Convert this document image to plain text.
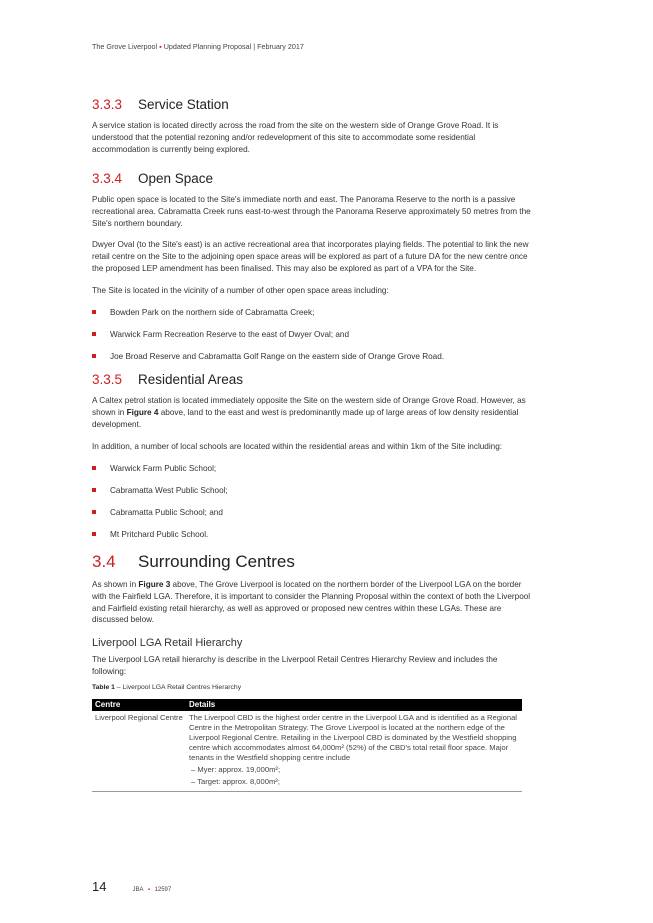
The Grove Liverpool ▪ Updated Planning Proposal | February 2017
3.3.3 Service Station

A service station is located directly across the road from the site on the western side of Orange Grove Road. It is understood that the potential rezoning and/or redevelopment of this site to accommodate some residential accommodation is currently being explored.

3.3.4 Open Space

Public open space is located to the Site's immediate north and east. The Panorama Reserve to the north is a passive recreational area. Cabramatta Creek runs east-to-west through the Panorama Reserve approximately 50 metres from the Site's northern boundary.

Dwyer Oval (to the Site's east) is an active recreational area that incorporates playing fields. The potential to link the new retail centre on the Site to the adjoining open space areas will be explored as part of a future DA for the new centre once the proposed LEP amendment has been finalised. This may also be explored as part of a VPA for the Site.

The Site is located in the vicinity of a number of other open space areas including:

Bowden Park on the northern side of Cabramatta Creek;
Warwick Farm Recreation Reserve to the east of Dwyer Oval; and
Joe Broad Reserve and Cabramatta Golf Range on the eastern side of Orange Grove Road.
3.3.5 Residential Areas

A Caltex petrol station is located immediately opposite the Site on the western side of Orange Grove Road. However, as shown in Figure 4 above, land to the east and west is predominantly made up of large areas of low density residential development.

In addition, a number of local schools are located within the residential areas and within 1km of the Site including:

Warwick Farm Public School;
Cabramatta West Public School;
Cabramatta Public School; and
Mt Pritchard Public School.
3.4 Surrounding Centres

As shown in Figure 3 above, The Grove Liverpool is located on the northern border of the Liverpool LGA on the border with the Fairfield LGA. Therefore, it is important to consider the Planning Proposal within the context of both the Liverpool and Fairfield existing retail hierarchy, as well as approved or proposed new centres within these LGAs. These are discussed below.

Liverpool LGA Retail Hierarchy

The Liverpool LGA retail hierarchy is describe in the Liverpool Retail Centres Hierarchy Review and includes the following:

Table 1 – Liverpool LGA Retail Centres Hierarchy
Centre	Details
Liverpool Regional Centre	The Liverpool CBD is the highest order centre in the Liverpool LGA and is identified as a Regional Centre in the Metropolitan Strategy. The Grove Liverpool is located at the northern edge of the Liverpool Regional Centre. Retailing in the Liverpool CBD is dominated by the Westfield shopping centre which accommodates almost 64,000m² (52%) of the CBD's total retail floor space. Major tenants in the Westfield shopping centre include
– Myer: approx. 19,000m²;
– Target: approx. 8,000m²;
14	JBA ▪ 12597
